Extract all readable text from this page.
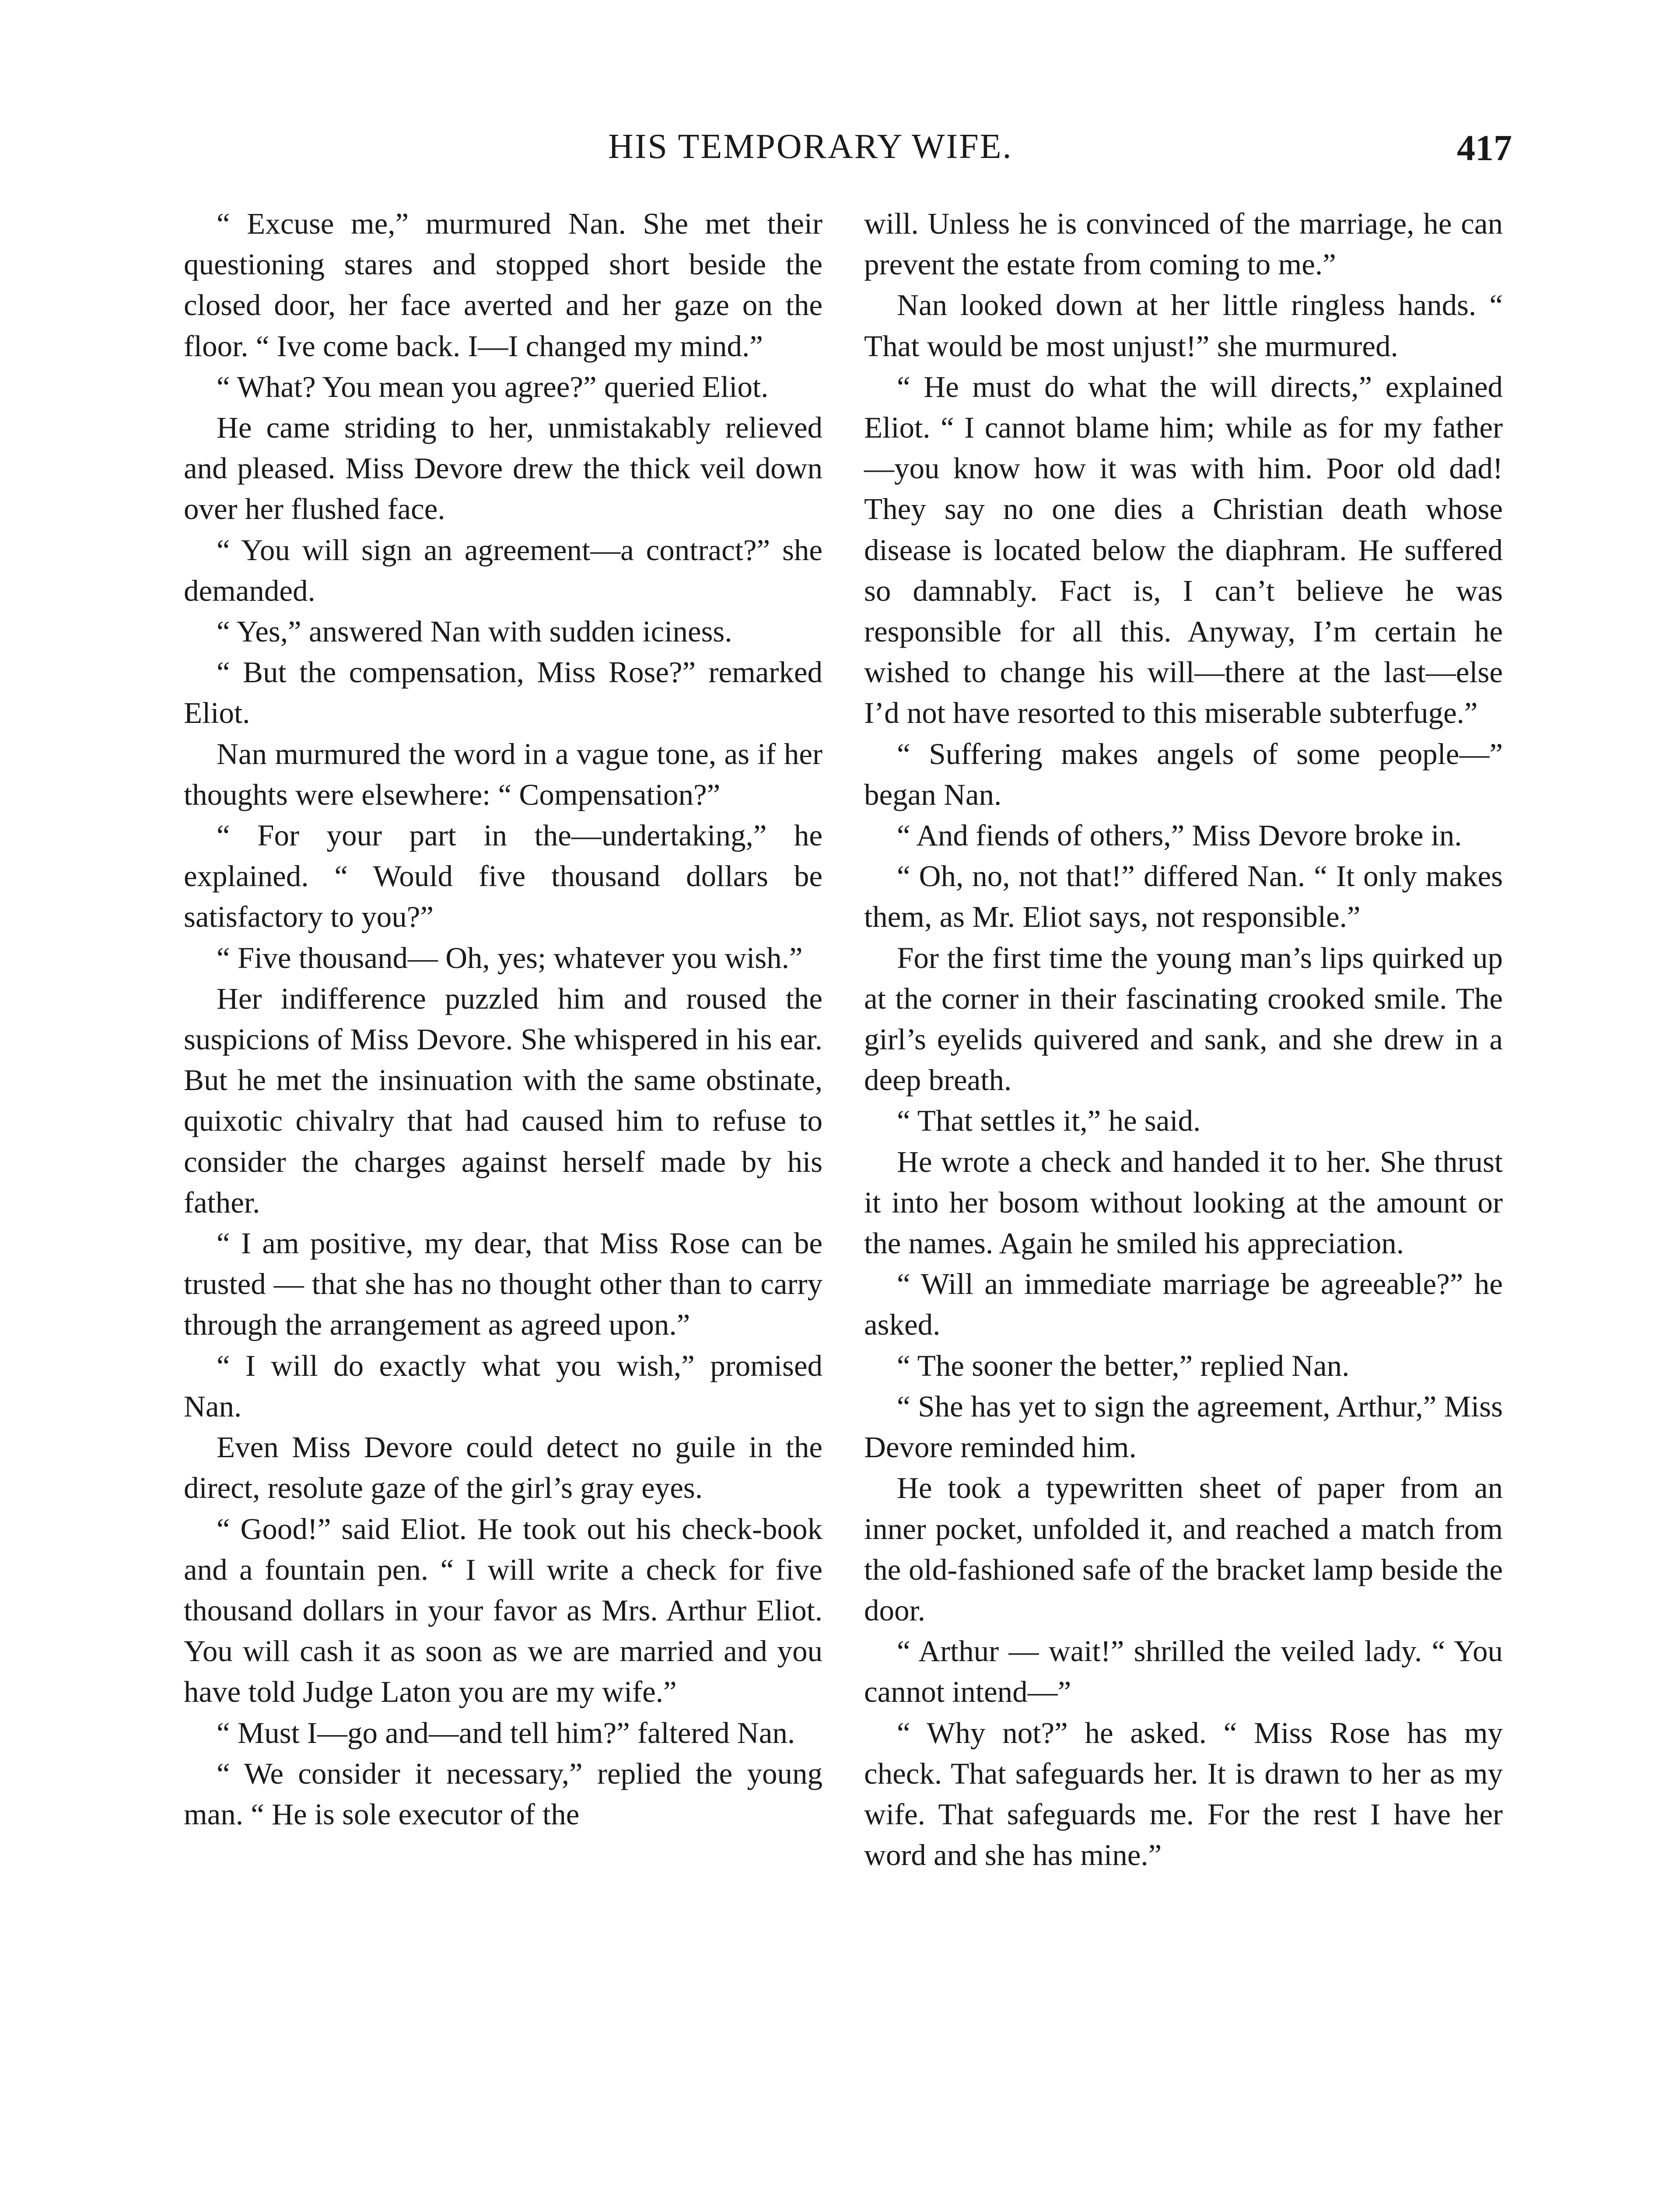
HIS TEMPORARY WIFE.	417

“ Excuse me,” murmured Nan. She met their questioning stares and stopped short beside the closed door, her face averted and her gaze on the floor. “ Ive come back. I—I changed my mind.”

“ What? You mean you agree?” queried Eliot.

He came striding to her, unmistakably relieved and pleased. Miss Devore drew the thick veil down over her flushed face.

“ You will sign an agreement—a contract?” she demanded.

“ Yes,” answered Nan with sudden iciness.

“ But the compensation, Miss Rose?” remarked Eliot.

Nan murmured the word in a vague tone, as if her thoughts were elsewhere: “ Compensation?”

“ For your part in the—undertaking,” he explained. “ Would five thousand dollars be satisfactory to you?”

“ Five thousand— Oh, yes; whatever you wish.”

Her indifference puzzled him and roused the suspicions of Miss Devore. She whispered in his ear. But he met the insinuation with the same obstinate, quixotic chivalry that had caused him to refuse to consider the charges against herself made by his father.

“ I am positive, my dear, that Miss Rose can be trusted — that she has no thought other than to carry through the arrangement as agreed upon.”

“ I will do exactly what you wish,” promised Nan.

Even Miss Devore could detect no guile in the direct, resolute gaze of the girl’s gray eyes.

“ Good!” said Eliot. He took out his check-book and a fountain pen. “ I will write a check for five thousand dollars in your favor as Mrs. Arthur Eliot. You will cash it as soon as we are married and you have told Judge Laton you are my wife.”

“ Must I—go and—and tell him?” faltered Nan.

“ We consider it necessary,” replied the young man. “ He is sole executor of the

will. Unless he is convinced of the marriage, he can prevent the estate from coming to me.”

Nan looked down at her little ringless hands. “ That would be most unjust!” she murmured.

“ He must do what the will directs,” explained Eliot. “ I cannot blame him; while as for my father—you know how it was with him. Poor old dad! They say no one dies a Christian death whose disease is located below the diaphram. He suffered so damnably. Fact is, I can’t believe he was responsible for all this. Anyway, I’m certain he wished to change his will—there at the last—else I’d not have resorted to this miserable subterfuge.”

“ Suffering makes angels of some people—” began Nan.

“ And fiends of others,” Miss Devore broke in.

“ Oh, no, not that!” differed Nan. “ It only makes them, as Mr. Eliot says, not responsible.”

For the first time the young man’s lips quirked up at the corner in their fascinating crooked smile. The girl’s eyelids quivered and sank, and she drew in a deep breath.

“ That settles it,” he said.

He wrote a check and handed it to her. She thrust it into her bosom without looking at the amount or the names. Again he smiled his appreciation.

“ Will an immediate marriage be agreeable?” he asked.

“ The sooner the better,” replied Nan.

“ She has yet to sign the agreement, Arthur,” Miss Devore reminded him.

He took a typewritten sheet of paper from an inner pocket, unfolded it, and reached a match from the old-fashioned safe of the bracket lamp beside the door.

“ Arthur — wait!” shrilled the veiled lady. “ You cannot intend—”

“ Why not?” he asked. “ Miss Rose has my check. That safeguards her. It is drawn to her as my wife. That safeguards me. For the rest I have her word and she has mine.”
